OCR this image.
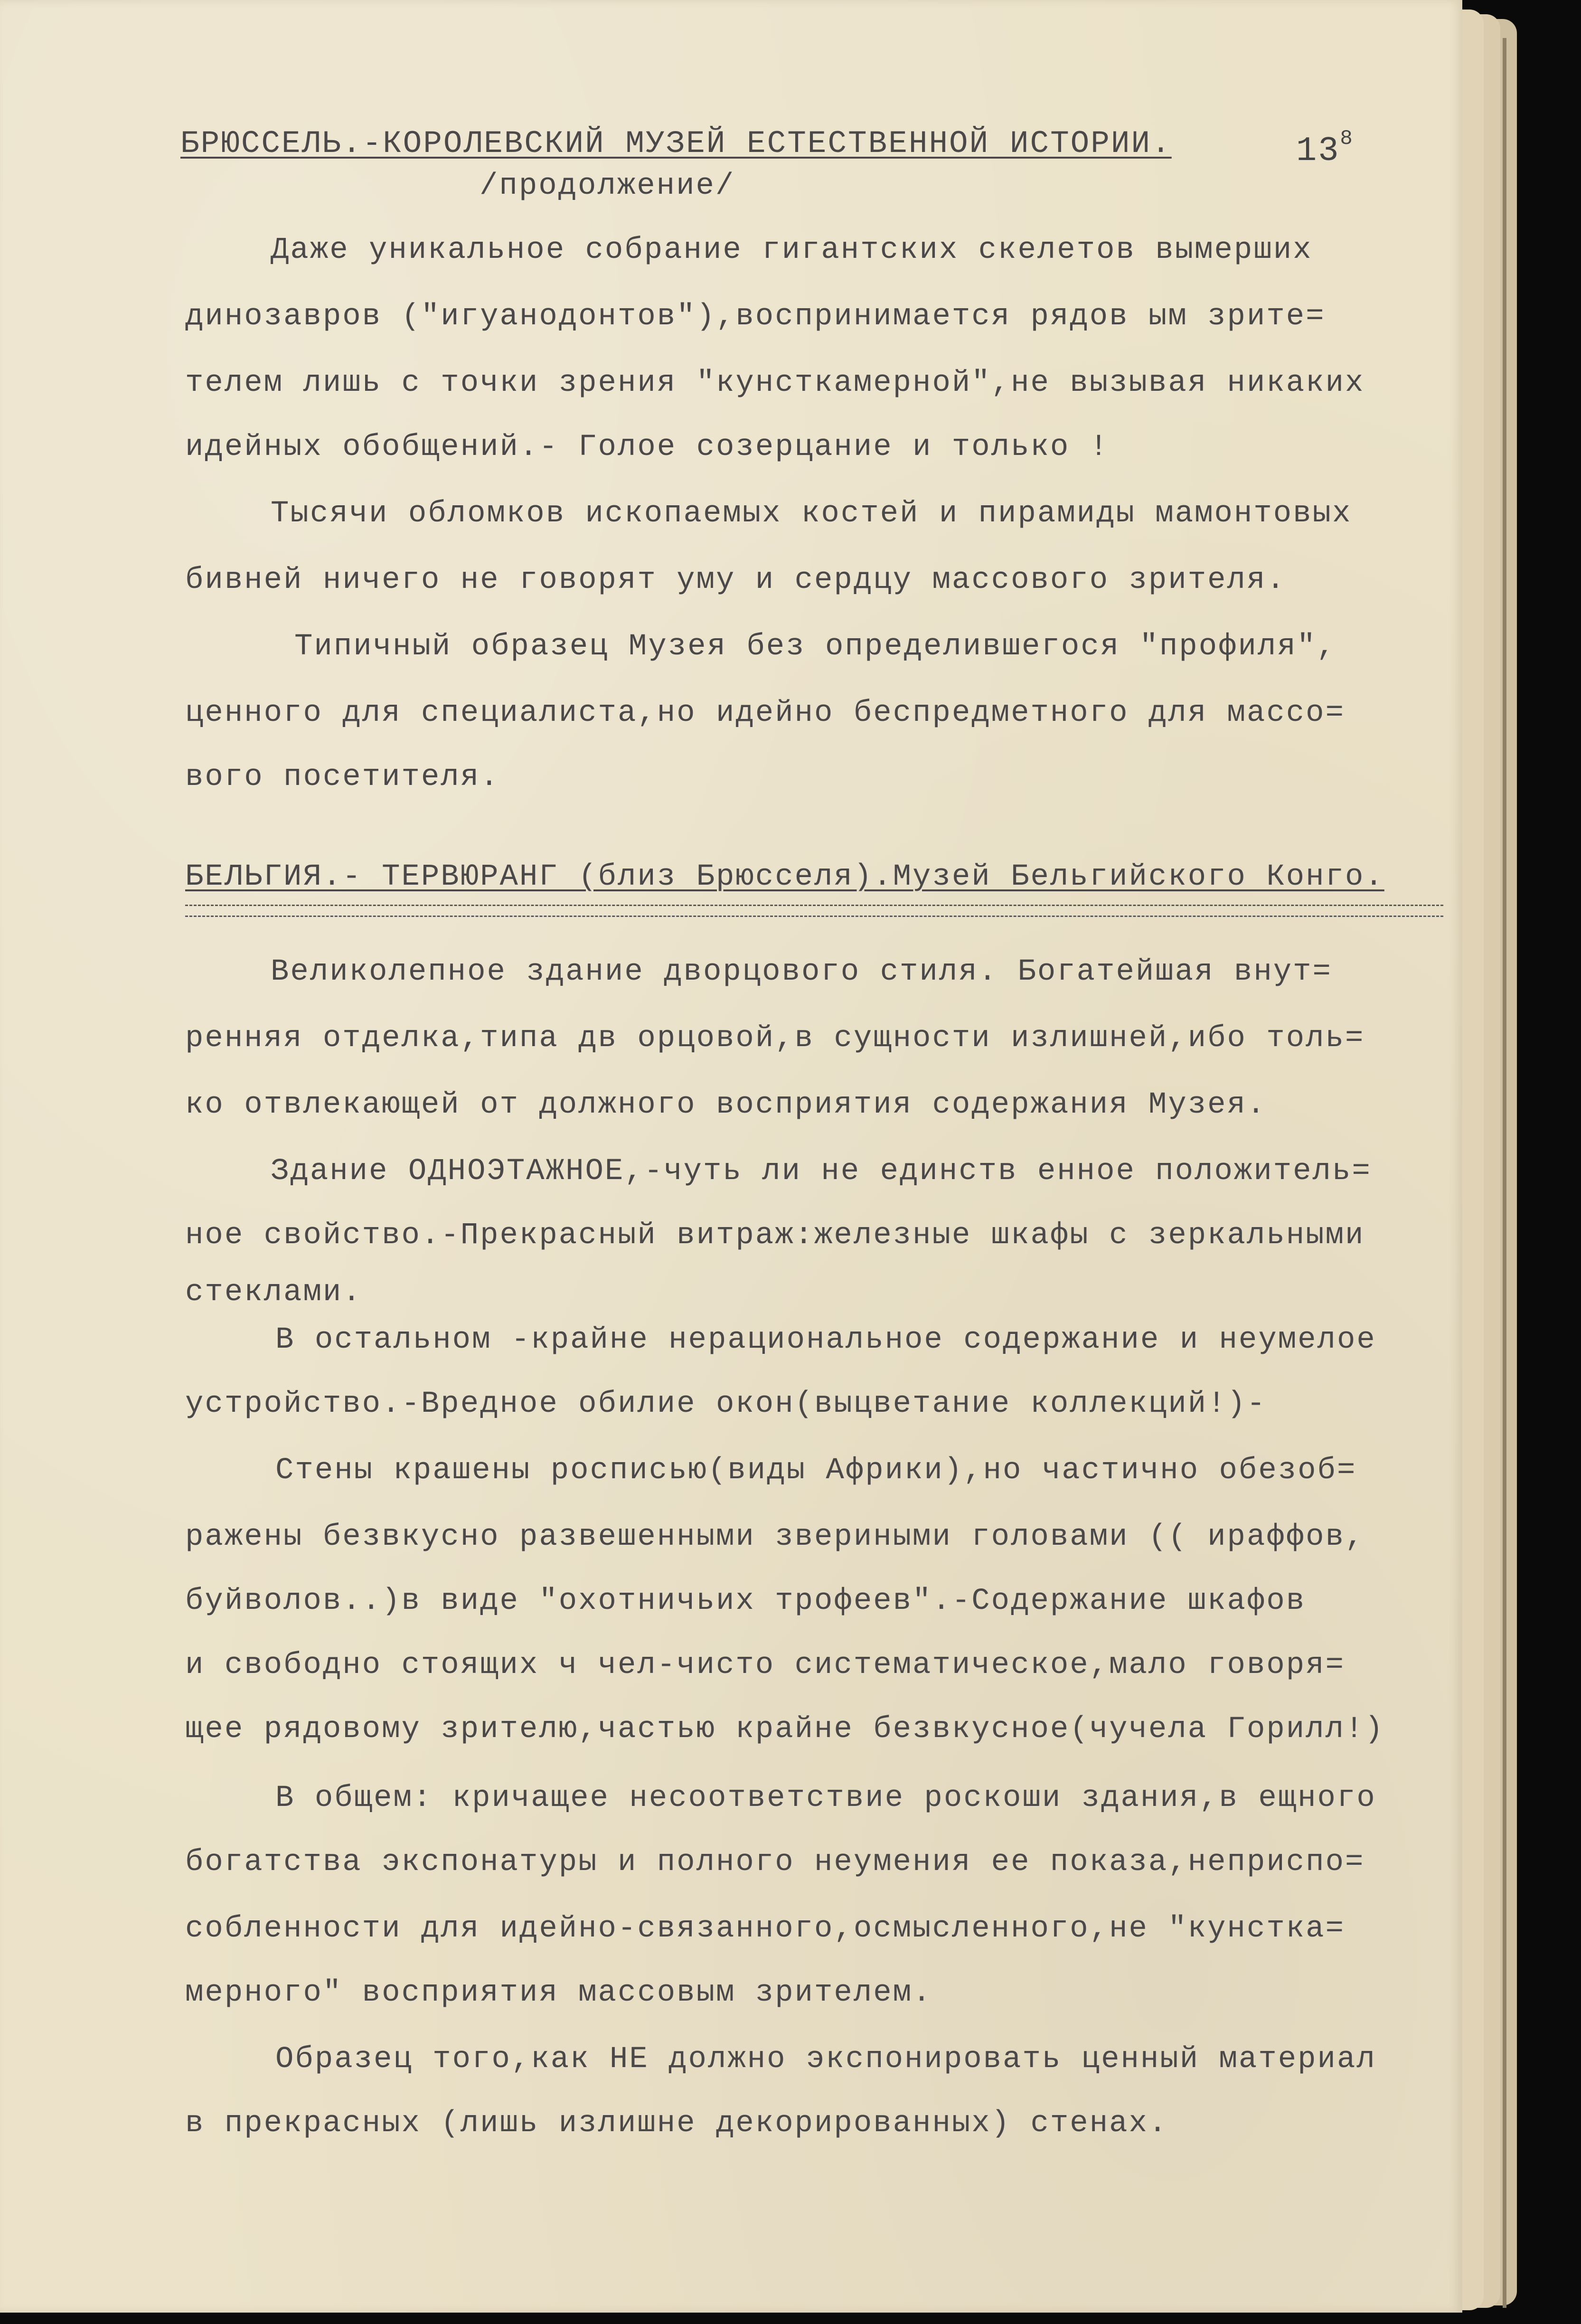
БРЮССЕЛЬ.-КОРОЛЕВСКИЙ МУЗЕЙ ЕСТЕСТВЕННОЙ ИСТОРИИ.	$13^8$
/продолжение/
Даже уникальное собрание гигантских скелетов вымерших
динозавров ("игуанодонтов"),воспринимается рядов ым зрите=
телем лишь с точки зрения "кунсткамерной",не вызывая никаких
идейных обобщений.- Голое созерцание и только !
Тысячи обломков ископаемых костей и пирамиды мамонтовых
бивней ничего не говорят уму и сердцу массового зрителя.
Типичный образец Музея без определившегося "профиля",
ценного для специалиста,но идейно беспредметного для массо=
вого посетителя.
БЕЛЬГИЯ.- ТЕРВЮРАНГ (близ Брюсселя).Музей Бельгийского Конго.
Великолепное здание дворцового стиля. Богатейшая внут=
ренняя отделка,типа дв орцовой,в сущности излишней,ибо толь=
ко отвлекающей от должного восприятия содержания Музея.
Здание ОДНОЭТАЖНОЕ,-чуть ли не единств енное положитель=
ное свойство.-Прекрасный витраж:железные шкафы с зеркальными
стеклами.
В остальном -крайне нерациональное содержание и неумелое
устройство.-Вредное обилие окон(выцветание коллекций!)-
Стены крашены росписью(виды Африки),но частично обезоб=
ражены безвкусно развешенными звериными головами (( ираффов,
буйволов..)в виде "охотничьих трофеев".-Содержание шкафов
и свободно стоящих ч чел-чисто систематическое,мало говоря=
щее рядовому зрителю,частью крайне безвкусное(чучела Горилл!)
В общем: кричащее несоответствие роскоши здания,в ещного
богатства экспонатуры и полного неумения ее показа,неприспо=
собленности для идейно-связанного,осмысленного,не "кунстка=
мерного" восприятия массовым зрителем.
Образец того,как НЕ должно экспонировать ценный материал
в прекрасных (лишь излишне декорированных) стенах.
